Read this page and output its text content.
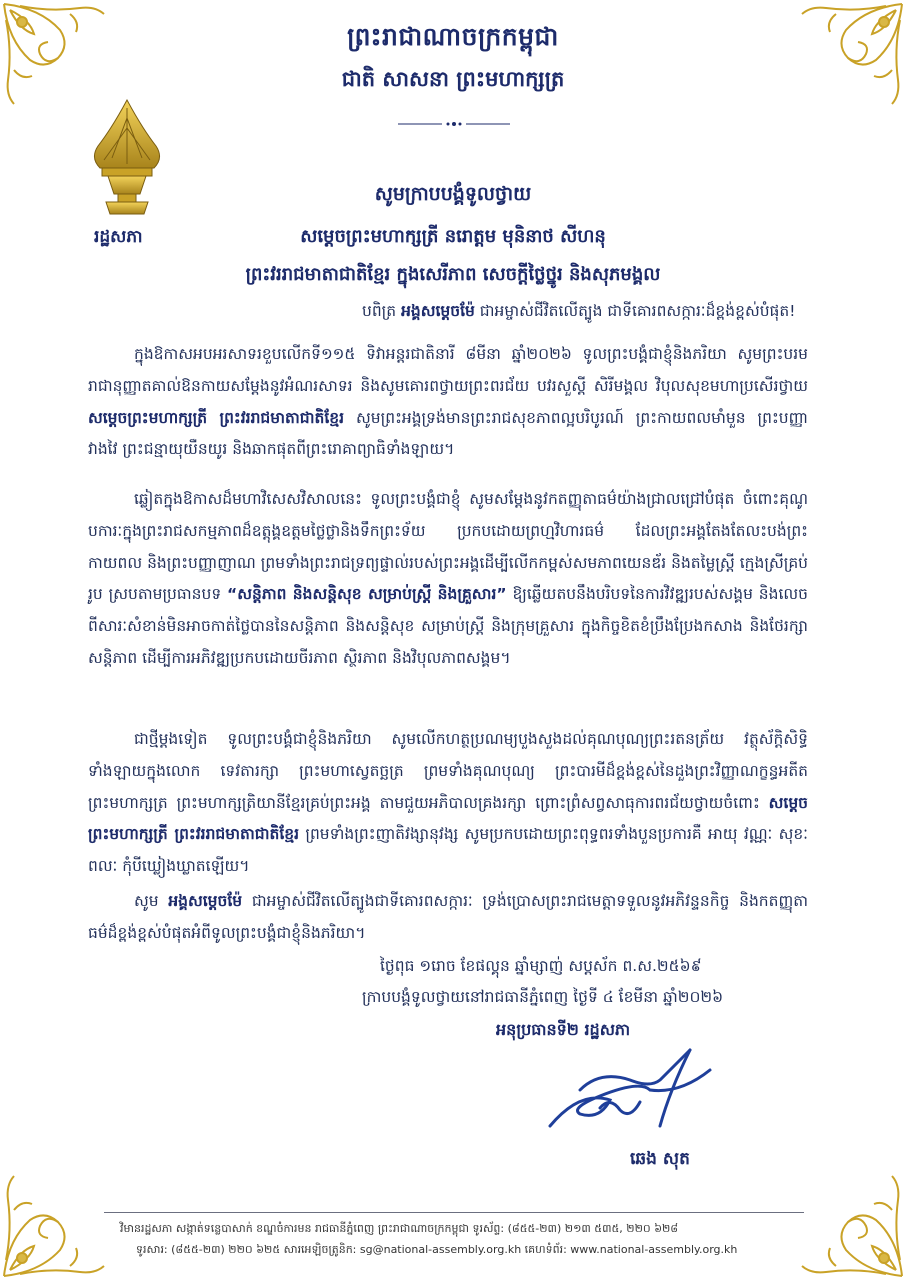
ព្រះរាជាណាចក្រកម្ពុជា
ជាតិ សាសនា ព្រះមហាក្សត្រ
រដ្ឋសភា
សូមក្រាបបង្គំទូលថ្វាយ
សម្ដេចព្រះមហាក្សត្រី នរោត្តម មុនិនាថ សីហនុ
ព្រះវររាជមាតាជាតិខ្មែរ ក្នុងសេរីភាព សេចក្ដីថ្លៃថ្នូរ និងសុភមង្គល
បពិត្រ អង្គសម្ដេចម៉ែ ជាអម្ចាស់ជីវិតលើត្បូង ជាទីគោរពសក្ការៈដ៏ខ្ពង់ខ្ពស់បំផុត!
ក្នុងឱកាសអបអរសាទរខួបលើកទី១១៥ ទិវាអន្តរជាតិនារី ៨មីនា ឆ្នាំ២០២៦ ទូលព្រះបង្គំជាខ្ញុំនិងភរិយា សូមព្រះបរមរាជានុញ្ញាតគាល់ឱនកាយសម្ដែងនូវអំណរសាទរ និងសូមគោរពថ្វាយព្រះពរជ័យ បវរសួស្ដី សិរីមង្គល វិបុលសុខមហាប្រសើរថ្វាយ សម្ដេចព្រះមហាក្សត្រី ព្រះវររាជមាតាជាតិខ្មែរ សូមព្រះអង្គទ្រង់មានព្រះរាជសុខភាពល្អបរិបូរណ៍ ព្រះកាយពលមាំមួន ព្រះបញ្ញាវាងវៃ ព្រះជន្មាយុយឺនយូរ និងឆាកផុតពីព្រះរោគាព្យាធិទាំងឡាយ។
ឆ្លៀតក្នុងឱកាសដ៏មហាវិសេសវិសាលនេះ ទូលព្រះបង្គំជាខ្ញុំ សូមសម្ដែងនូវកតញ្ញុតាធម៌យ៉ាងជ្រាលជ្រៅបំផុត ចំពោះគុណូបការៈក្នុងព្រះរាជសកម្មភាពដ៏ឧត្ដុង្គឧត្ដមថ្លៃថ្លានិងទឹកព្រះទ័យ ប្រកបដោយព្រហ្មវិហារធម៌ ដែលព្រះអង្គតែងតែលះបង់ព្រះកាយពល និងព្រះបញ្ញាញាណ ព្រមទាំងព្រះរាជទ្រព្យផ្ទាល់របស់ព្រះអង្គដើម្បីលើកកម្ពស់សមភាពយេនឌ័រ និងតម្លៃស្ត្រី ក្មេងស្រីគ្រប់រូប ស្របតាមប្រធានបទ “សន្តិភាព និងសន្តិសុខ សម្រាប់ស្ត្រី និងគ្រួសារ” ឱ្យឆ្លើយតបនឹងបរិបទនៃការវិវឌ្ឍរបស់សង្គម និងលេចពីសារៈសំខាន់មិនអាចកាត់ថ្លៃបាននៃសន្តិភាព និងសន្តិសុខ សម្រាប់ស្ត្រី និងក្រុមគ្រួសារ ក្នុងកិច្ចខិតខំប្រឹងប្រែងកសាង និងថែរក្សាសន្តិភាព ដើម្បីការអភិវឌ្ឍប្រកបដោយចីរភាព ស្ថិរភាព និងវិបុលភាពសង្គម។
ជាថ្មីម្ដងទៀត ទូលព្រះបង្គំជាខ្ញុំនិងភរិយា សូមលើកហត្ថប្រណម្យបួងសួងដល់គុណបុណ្យព្រះរតនត្រ័យ វត្ថុស័ក្ដិសិទ្ធិទាំងឡាយក្នុងលោក ទេវតារក្សា ព្រះមហាស្វេតច្ឆត្រ ព្រមទាំងគុណបុណ្យ ព្រះបារមីដ៏ខ្ពង់ខ្ពស់នៃដួងព្រះវិញ្ញាណក្ខន្ធអតីតព្រះមហាក្សត្រ ព្រះមហាក្សត្រិយានីខ្មែរគ្រប់ព្រះអង្គ តាមជួយអភិបាលគ្រងរក្សា ព្រោះព្រំសព្វសាធុការពរជ័យថ្វាយចំពោះ សម្ដេចព្រះមហាក្សត្រី ព្រះវររាជមាតាជាតិខ្មែរ ព្រមទាំងព្រះញាតិវង្សានុវង្ស សូមប្រកបដោយព្រះពុទ្ធពរទាំងបួនប្រការគឺ អាយុ វណ្ណៈ សុខៈ ពលៈ កុំបីឃ្លៀងឃ្លាតឡើយ។
សូម អង្គសម្ដេចម៉ែ ជាអម្ចាស់ជីវិតលើត្បូងជាទីគោរពសក្ការៈ ទ្រង់ប្រោសព្រះរាជមេត្តាទទួលនូវអភិវន្ទនកិច្ច និងកតញ្ញុតាធម៌ដ៏ខ្ពង់ខ្ពស់បំផុតអំពីទូលព្រះបង្គំជាខ្ញុំនិងភរិយា។
ថ្ងៃពុធ ១រោច ខែផល្គុន ឆ្នាំម្សាញ់ សប្តស័ក ព.ស.២៥៦៩
ក្រាបបង្គំទូលថ្វាយនៅរាជធានីភ្នំពេញ ថ្ងៃទី ៤ ខែមីនា ឆ្នាំ២០២៦
អនុប្រធានទី២ រដ្ឋសភា
ឆេង សុត
វិមានរដ្ឋសភា សង្កាត់ទន្លេបាសាក់ ខណ្ឌចំការមន រាជធានីភ្នំពេញ ព្រះរាជាណាចក្រកម្ពុជា ទូរស័ព្ទ: (៨៥៥-២៣) ២១៣ ៥៣៥, ២២០ ៦២៨
ទូរសារ: (៨៥៥-២៣) ២២០ ៦២៥ សារអេឡិចត្រូនិក: sg@national-assembly.org.kh គេហទំព័រ: www.national-assembly.org.kh
